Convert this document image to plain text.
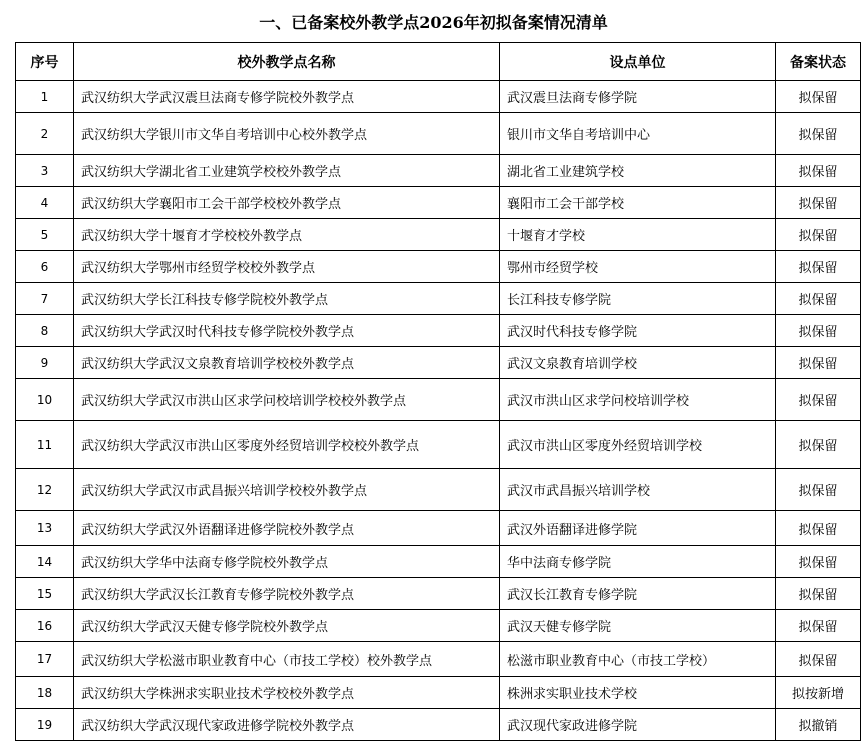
一、已备案校外教学点2026年初拟备案情况清单
序号	校外教学点名称	设点单位	备案状态
1	武汉纺织大学武汉震旦法商专修学院校外教学点	武汉震旦法商专修学院	拟保留
2	武汉纺织大学银川市文华自考培训中心校外教学点	银川市文华自考培训中心	拟保留
3	武汉纺织大学湖北省工业建筑学校校外教学点	湖北省工业建筑学校	拟保留
4	武汉纺织大学襄阳市工会干部学校校外教学点	襄阳市工会干部学校	拟保留
5	武汉纺织大学十堰育才学校校外教学点	十堰育才学校	拟保留
6	武汉纺织大学鄂州市经贸学校校外教学点	鄂州市经贸学校	拟保留
7	武汉纺织大学长江科技专修学院校外教学点	长江科技专修学院	拟保留
8	武汉纺织大学武汉时代科技专修学院校外教学点	武汉时代科技专修学院	拟保留
9	武汉纺织大学武汉文泉教育培训学校校外教学点	武汉文泉教育培训学校	拟保留
10	武汉纺织大学武汉市洪山区求学问校培训学校校外教学点	武汉市洪山区求学问校培训学校	拟保留
11	武汉纺织大学武汉市洪山区零度外经贸培训学校校外教学点	武汉市洪山区零度外经贸培训学校	拟保留
12	武汉纺织大学武汉市武昌振兴培训学校校外教学点	武汉市武昌振兴培训学校	拟保留
13	武汉纺织大学武汉外语翻译进修学院校外教学点	武汉外语翻译进修学院	拟保留
14	武汉纺织大学华中法商专修学院校外教学点	华中法商专修学院	拟保留
15	武汉纺织大学武汉长江教育专修学院校外教学点	武汉长江教育专修学院	拟保留
16	武汉纺织大学武汉天健专修学院校外教学点	武汉天健专修学院	拟保留
17	武汉纺织大学松滋市职业教育中心（市技工学校）校外教学点	松滋市职业教育中心（市技工学校）	拟保留
18	武汉纺织大学株洲求实职业技术学校校外教学点	株洲求实职业技术学校	拟按新增
19	武汉纺织大学武汉现代家政进修学院校外教学点	武汉现代家政进修学院	拟撤销
